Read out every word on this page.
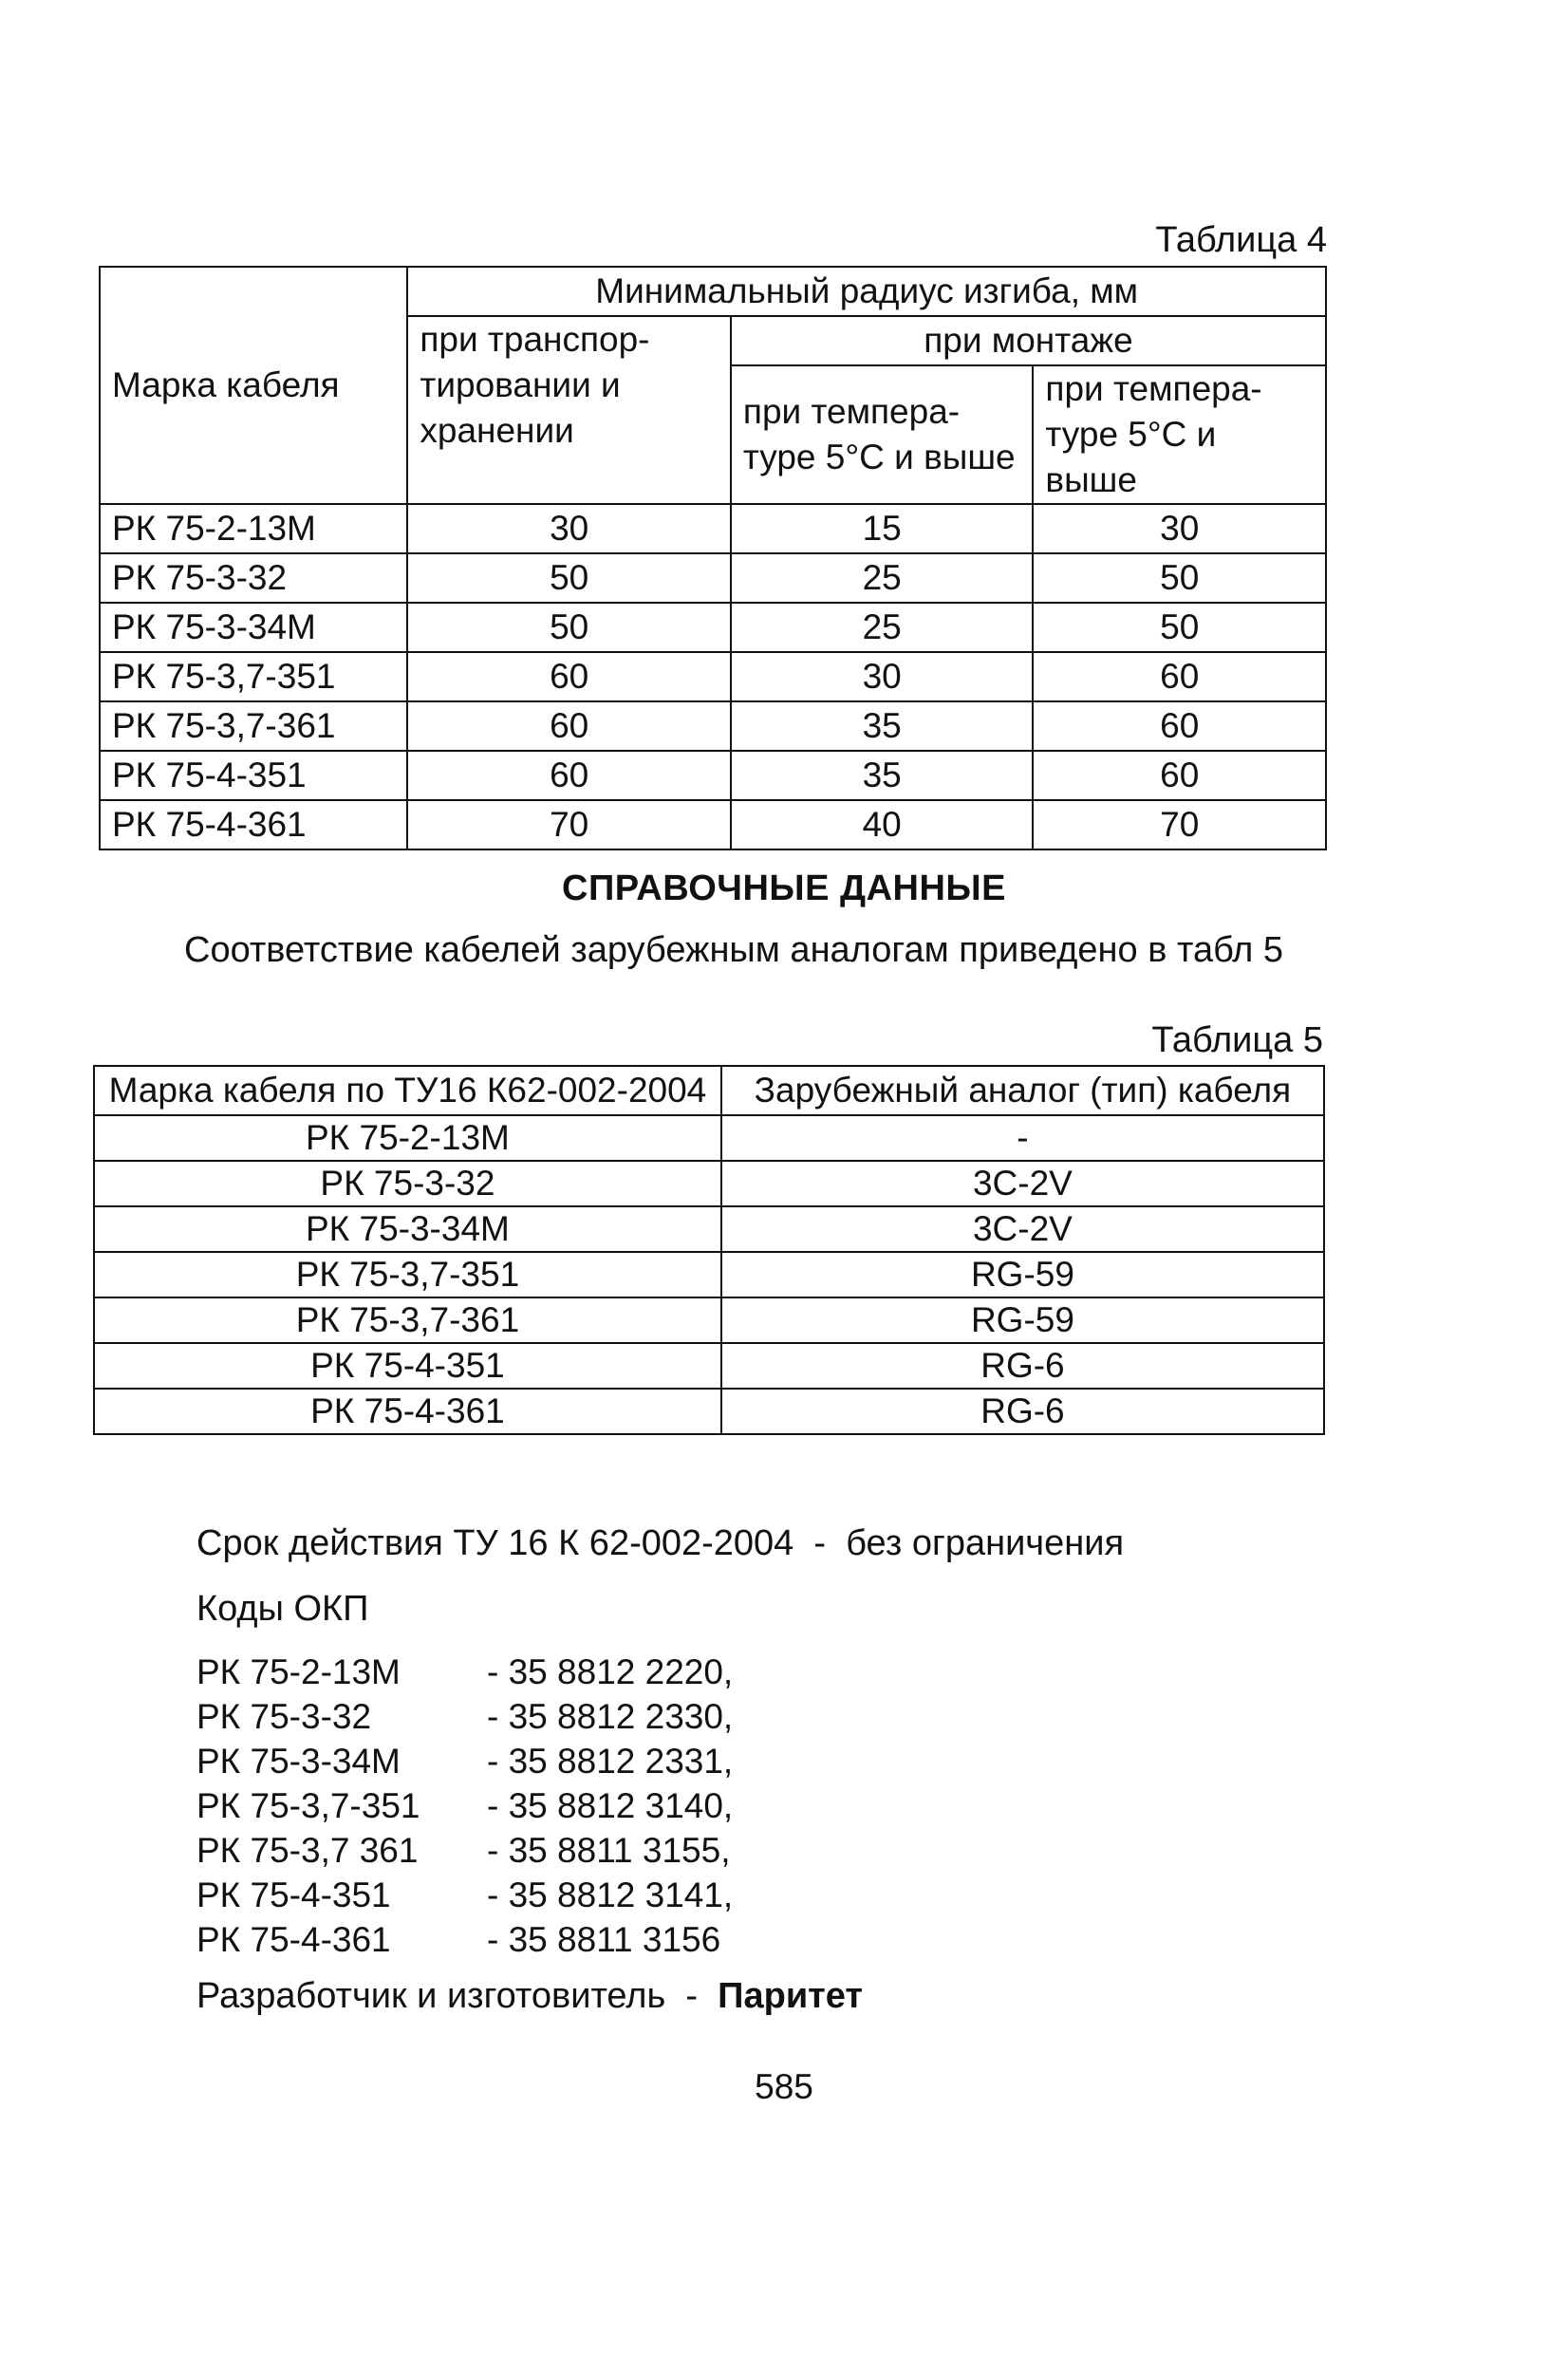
Таблица 4
Марка кабеля	Минимальный радиус изгиба, мм		
	при транспор-тировании и хранении	при монтаже	
		при темпера-туре 5°С и выше	при темпера-туре 5°С и выше
РК 75-2-13М	30	15	30
РК 75-3-32	50	25	50
РК 75-3-34М	50	25	50
РК 75-3,7-351	60	30	60
РК 75-3,7-361	60	35	60
РК 75-4-351	60	35	60
РК 75-4-361	70	40	70
СПРАВОЧНЫЕ ДАННЫЕ
Соответствие кабелей зарубежным аналогам приведено в табл 5
Таблица 5
Марка кабеля по ТУ16 К62-002-2004	Зарубежный аналог (тип) кабеля
РК 75-2-13М	-
РК 75-3-32	3С-2V
РК 75-3-34М	3С-2V
РК 75-3,7-351	RG-59
РК 75-3,7-361	RG-59
РК 75-4-351	RG-6
РК 75-4-361	RG-6
Срок действия ТУ 16 К 62-002-2004  -  без ограничения
Коды ОКП
РК 75-2-13М	- 35 8812 2220,
РК 75-3-32	- 35 8812 2330,
РК 75-3-34М	- 35 8812 2331,
РК 75-3,7-351	- 35 8812 3140,
РК 75-3,7 361	- 35 8811 3155,
РК 75-4-351	- 35 8812 3141,
РК 75-4-361	- 35 8811 3156
Разработчик и изготовитель  -  Паритет
585
